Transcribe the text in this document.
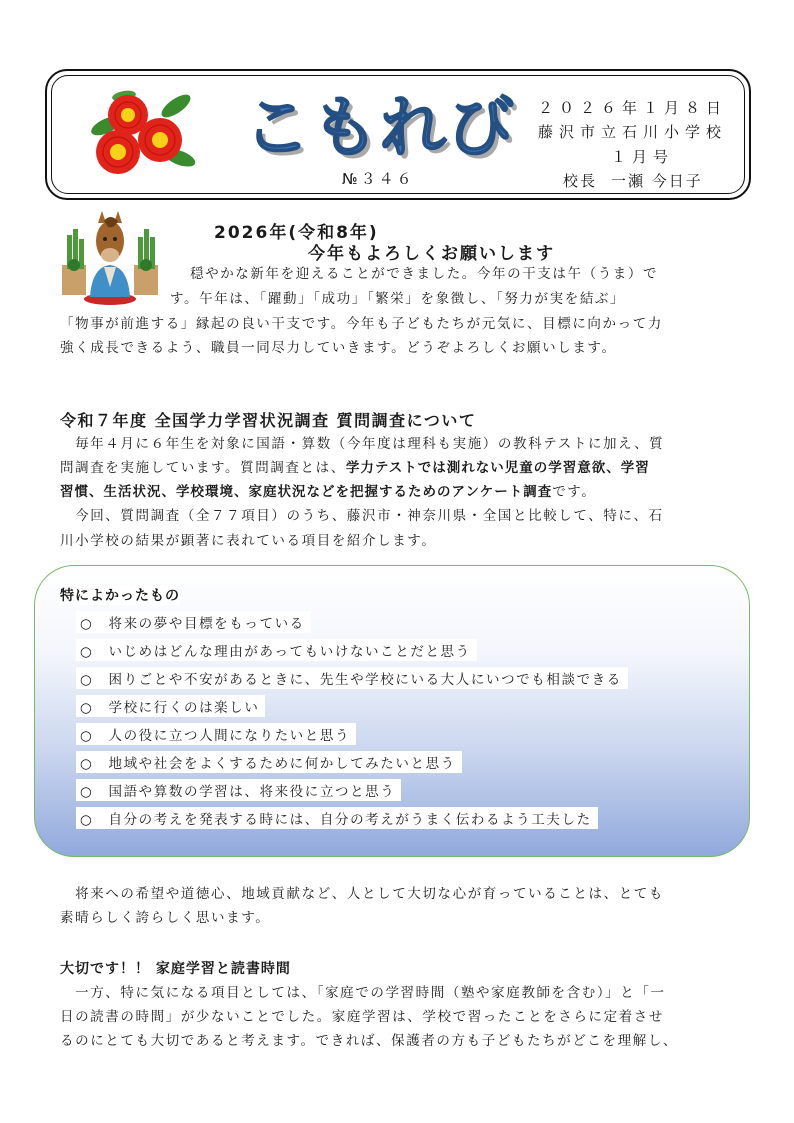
こもれび
№３４６
２０２６年１月８日
藤沢市立石川小学校
１月号
校長 一瀬 今日子
2026年(令和8年)
今年もよろしくお願いします
穏やかな新年を迎えることができました。今年の干支は午（うま）で
す。午年は、「躍動」「成功」「繁栄」を象徴し、「努力が実を結ぶ」
「物事が前進する」縁起の良い干支です。今年も子どもたちが元気に、目標に向かって力
強く成長できるよう、職員一同尽力していきます。どうぞよろしくお願いします。
令和７年度 全国学力学習状況調査 質問調査について
　毎年４月に６年生を対象に国語・算数（今年度は理科も実施）の教科テストに加え、質
問調査を実施しています。質問調査とは、学力テストでは測れない児童の学習意欲、学習
習慣、生活状況、学校環境、家庭状況などを把握するためのアンケート調査です。
　今回、質問調査（全７７項目）のうち、藤沢市・神奈川県・全国と比較して、特に、石
川小学校の結果が顕著に表れている項目を紹介します。
特によかったもの
○　将来の夢や目標をもっている
○　いじめはどんな理由があってもいけないことだと思う
○　困りごとや不安があるときに、先生や学校にいる大人にいつでも相談できる
○　学校に行くのは楽しい
○　人の役に立つ人間になりたいと思う
○　地域や社会をよくするために何かしてみたいと思う
○　国語や算数の学習は、将来役に立つと思う
○　自分の考えを発表する時には、自分の考えがうまく伝わるよう工夫した
　将来への希望や道徳心、地域貢献など、人として大切な心が育っていることは、とても
素晴らしく誇らしく思います。
大切です！！ 家庭学習と読書時間
　一方、特に気になる項目としては、「家庭での学習時間（塾や家庭教師を含む）」と「一
日の読書の時間」が少ないことでした。家庭学習は、学校で習ったことをさらに定着させ
るのにとても大切であると考えます。できれば、保護者の方も子どもたちがどこを理解し、
